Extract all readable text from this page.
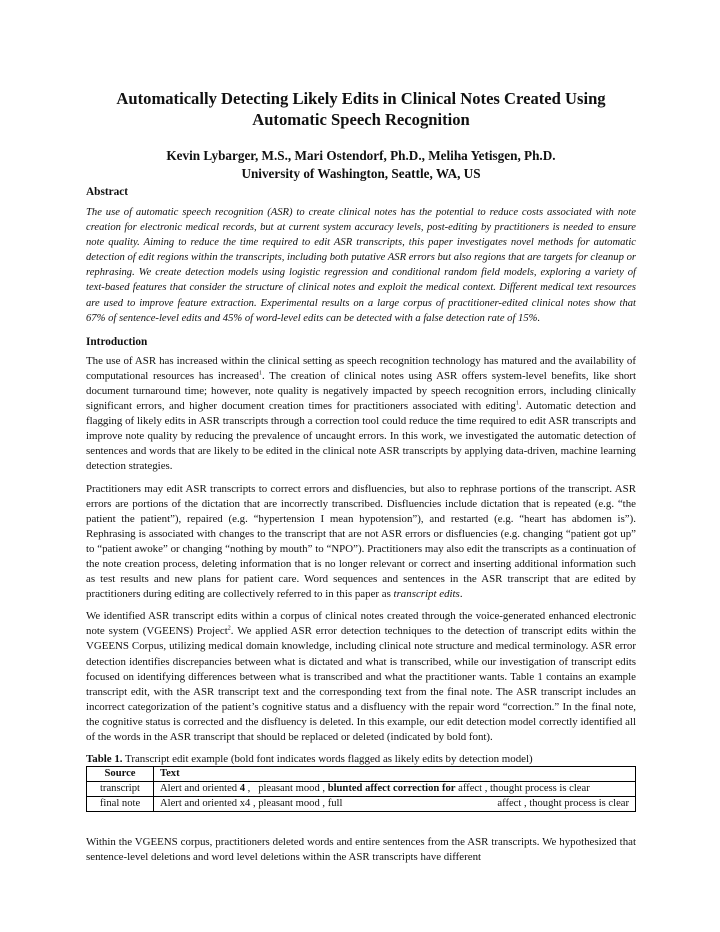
Automatically Detecting Likely Edits in Clinical Notes Created Using
Automatic Speech Recognition
Kevin Lybarger, M.S., Mari Ostendorf, Ph.D., Meliha Yetisgen, Ph.D.
University of Washington, Seattle, WA, US
Abstract
The use of automatic speech recognition (ASR) to create clinical notes has the potential to reduce costs associated with note creation for electronic medical records, but at current system accuracy levels, post-editing by practitioners is needed to ensure note quality. Aiming to reduce the time required to edit ASR transcripts, this paper investigates novel methods for automatic detection of edit regions within the transcripts, including both putative ASR errors but also regions that are targets for cleanup or rephrasing. We create detection models using logistic regression and conditional random field models, exploring a variety of text-based features that consider the structure of clinical notes and exploit the medical context. Different medical text resources are used to improve feature extraction. Experimental results on a large corpus of practitioner-edited clinical notes show that 67% of sentence-level edits and 45% of word-level edits can be detected with a false detection rate of 15%.
Introduction

The use of ASR has increased within the clinical setting as speech recognition technology has matured and the availability of computational resources has increased$^1$. The creation of clinical notes using ASR offers system-level benefits, like short document turnaround time; however, note quality is negatively impacted by speech recognition errors, including clinically significant errors, and higher document creation times for practitioners associated with editing$^1$. Automatic detection and flagging of likely edits in ASR transcripts through a correction tool could reduce the time required to edit ASR transcripts and improve note quality by reducing the prevalence of uncaught errors. In this work, we investigated the automatic detection of sentences and words that are likely to be edited in the clinical note ASR transcripts by applying data-driven, machine learning detection strategies.

Practitioners may edit ASR transcripts to correct errors and disfluencies, but also to rephrase portions of the transcript. ASR errors are portions of the dictation that are incorrectly transcribed. Disfluencies include dictation that is repeated (e.g. “the patient the patient”), repaired (e.g. “hypertension I mean hypotension”), and restarted (e.g. “heart has abdomen is”). Rephrasing is associated with changes to the transcript that are not ASR errors or disfluencies (e.g. changing “patient got up” to “patient awoke” or changing “nothing by mouth” to “NPO”). Practitioners may also edit the transcripts as a continuation of the note creation process, deleting information that is no longer relevant or correct and inserting additional information such as test results and new plans for patient care. Word sequences and sentences in the ASR transcript that are edited by practitioners during editing are collectively referred to in this paper as transcript edits.

We identified ASR transcript edits within a corpus of clinical notes created through the voice-generated enhanced electronic note system (VGEENS) Project$^2$. We applied ASR error detection techniques to the detection of transcript edits within the VGEENS Corpus, utilizing medical domain knowledge, including clinical note structure and medical terminology. ASR error detection identifies discrepancies between what is dictated and what is transcribed, while our investigation of transcript edits focused on identifying differences between what is transcribed and what the practitioner wants. Table 1 contains an example transcript edit, with the ASR transcript text and the corresponding text from the final note. The ASR transcript includes an incorrect categorization of the patient’s cognitive status and a disfluency with the repair word “correction.” In the final note, the cognitive status is corrected and the disfluency is deleted. In this example, our edit detection model correctly identified all of the words in the ASR transcript that should be replaced or deleted (indicated by bold font).

Table 1. Transcript edit example (bold font indicates words flagged as likely edits by detection model)
Source	Text
transcript	Alert and oriented 4 ,   pleasant mood , blunted affect correction for affect , thought process is clear
final note	Alert and oriented x4 , pleasant mood , full affect , thought process is clear
Within the VGEENS corpus, practitioners deleted words and entire sentences from the ASR transcripts. We hypothesized that sentence-level deletions and word level deletions within the ASR transcripts have different
